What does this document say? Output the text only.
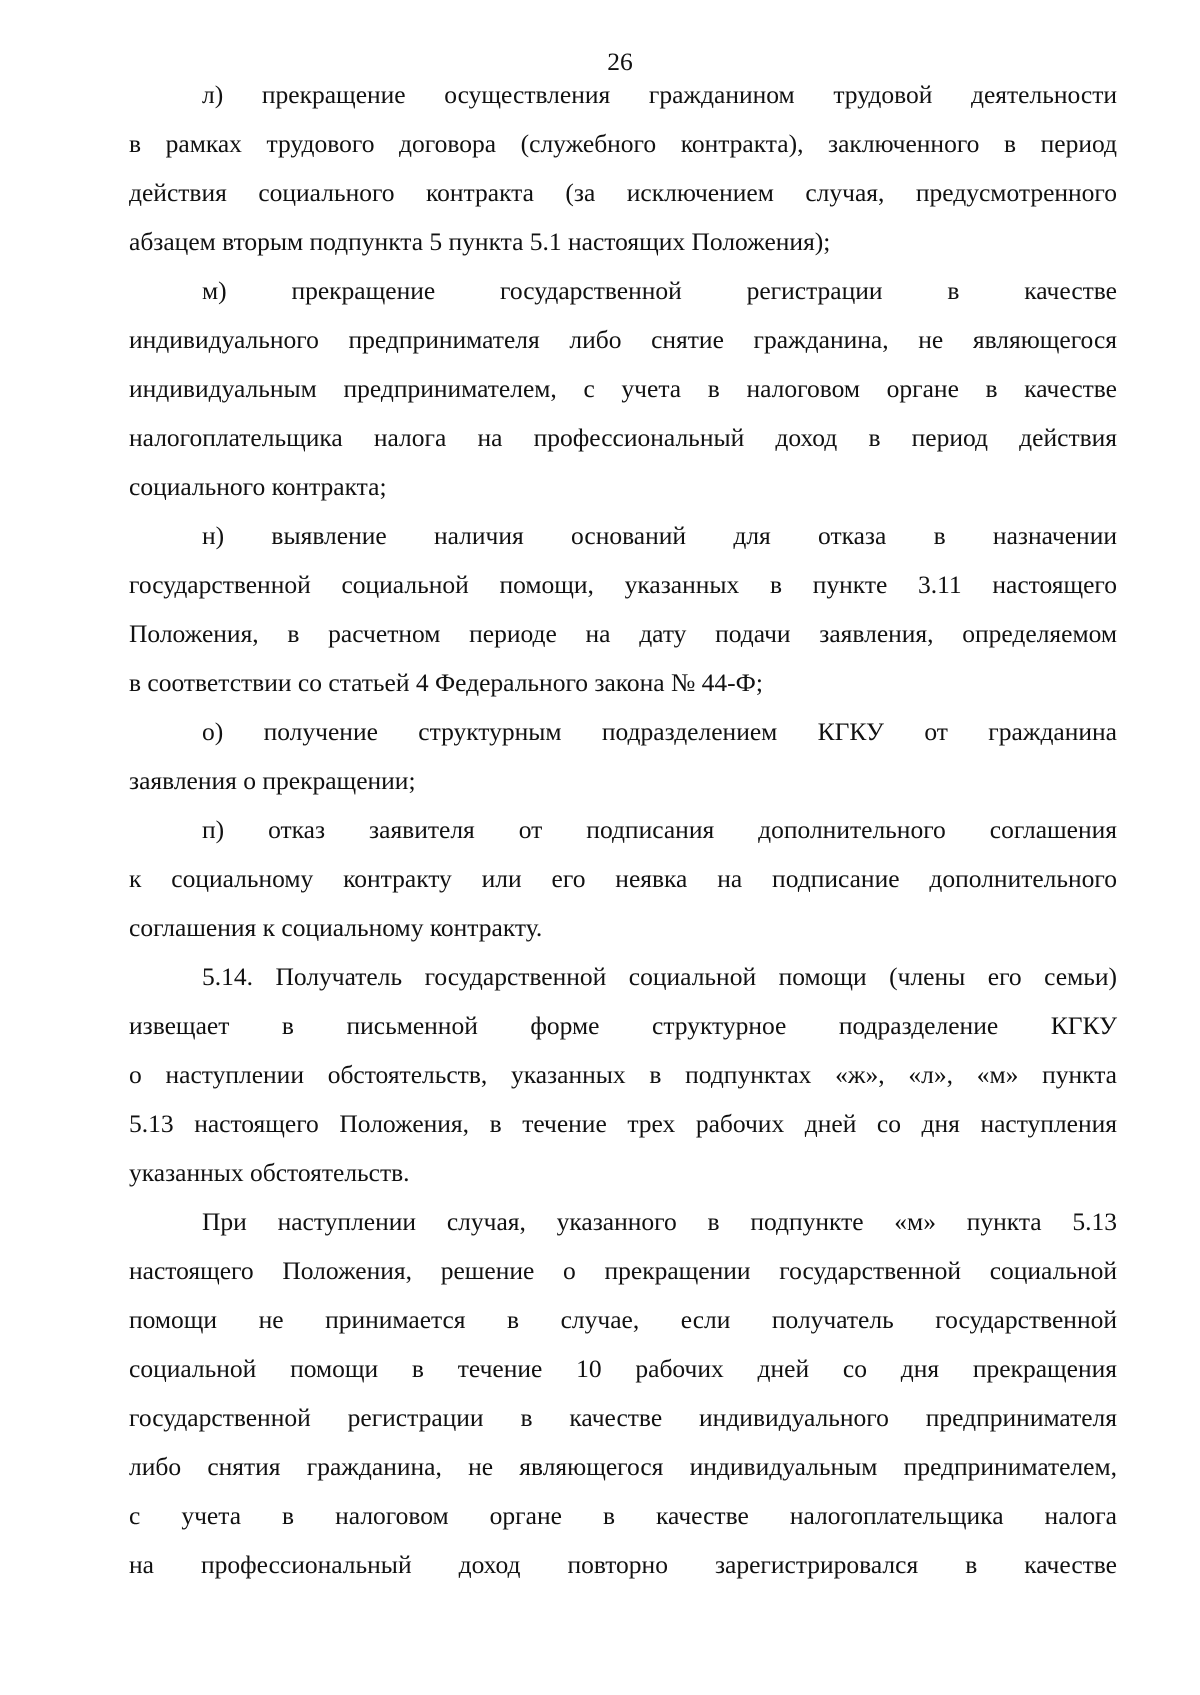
26
л) прекращение осуществления гражданином трудовой деятельности
в рамках трудового договора (служебного контракта), заключенного в период
действия социального контракта (за исключением случая, предусмотренного
абзацем вторым подпункта 5 пункта 5.1 настоящих Положения);
м) прекращение государственной регистрации в качестве
индивидуального предпринимателя либо снятие гражданина, не являющегося
индивидуальным предпринимателем, с учета в налоговом органе в качестве
налогоплательщика налога на профессиональный доход в период действия
социального контракта;
н) выявление наличия оснований для отказа в назначении
государственной социальной помощи, указанных в пункте 3.11 настоящего
Положения, в расчетном периоде на дату подачи заявления, определяемом
в соответствии со статьей 4 Федерального закона № 44-Ф;
о) получение структурным подразделением КГКУ от гражданина
заявления о прекращении;
п) отказ заявителя от подписания дополнительного соглашения
к социальному контракту или его неявка на подписание дополнительного
соглашения к социальному контракту.
5.14. Получатель государственной социальной помощи (члены его семьи)
извещает в письменной форме структурное подразделение КГКУ
о наступлении обстоятельств, указанных в подпунктах «ж», «л», «м» пункта
5.13 настоящего Положения, в течение трех рабочих дней со дня наступления
указанных обстоятельств.
При наступлении случая, указанного в подпункте «м» пункта 5.13
настоящего Положения, решение о прекращении государственной социальной
помощи не принимается в случае, если получатель государственной
социальной помощи в течение 10 рабочих дней со дня прекращения
государственной регистрации в качестве индивидуального предпринимателя
либо снятия гражданина, не являющегося индивидуальным предпринимателем,
с учета в налоговом органе в качестве налогоплательщика налога
на профессиональный доход повторно зарегистрировался в качестве
